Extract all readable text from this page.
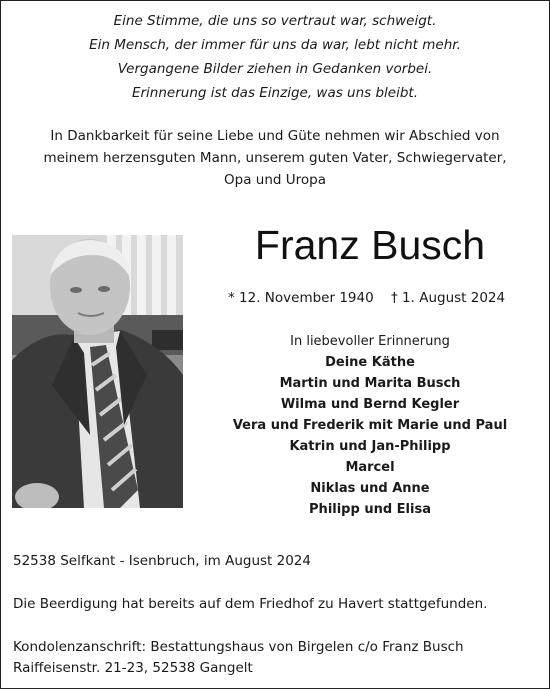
Eine Stimme, die uns so vertraut war, schweigt.
Ein Mensch, der immer für uns da war, lebt nicht mehr.
Vergangene Bilder ziehen in Gedanken vorbei.
Erinnerung ist das Einzige, was uns bleibt.
In Dankbarkeit für seine Liebe und Güte nehmen wir Abschied von
meinem herzensguten Mann, unserem guten Vater, Schwiegervater,
Opa und Uropa
Franz Busch
* 12. November 1940 † 1. August 2024
In liebevoller Erinnerung
Deine Käthe
Martin und Marita Busch
Wilma und Bernd Kegler
Vera und Frederik mit Marie und Paul
Katrin und Jan-Philipp
Marcel
Niklas und Anne
Philipp und Elisa
52538 Selfkant - Isenbruch, im August 2024
Die Beerdigung hat bereits auf dem Friedhof zu Havert stattgefunden.
Kondolenzanschrift: Bestattungshaus von Birgelen c/o Franz Busch
Raiffeisenstr. 21-23, 52538 Gangelt
